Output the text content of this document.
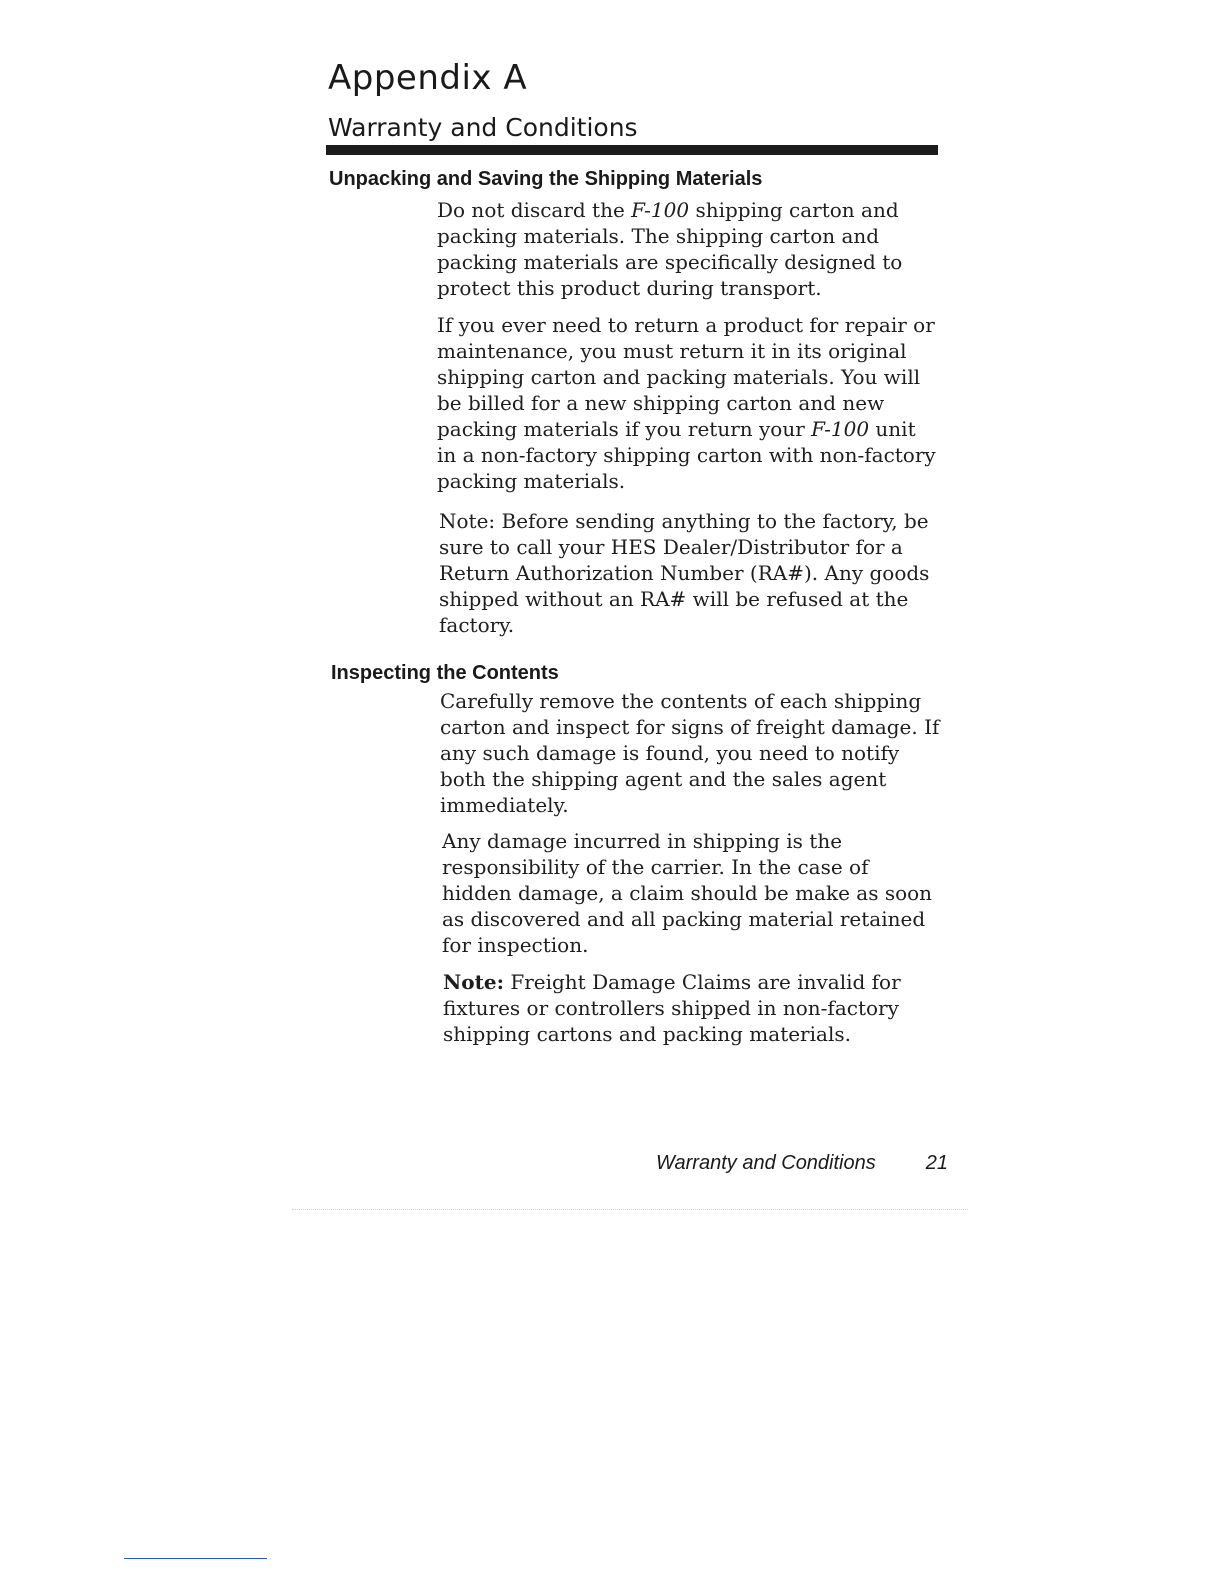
Appendix A
Warranty and Conditions
Unpacking and Saving the Shipping Materials

Do not discard the F-100 shipping carton and packing materials. The shipping carton and packing materials are specifically designed to protect this product during transport.

If you ever need to return a product for repair or maintenance, you must return it in its original shipping carton and packing materials. You will be billed for a new shipping carton and new packing materials if you return your F-100 unit in a non-factory shipping carton with non-factory packing materials.

Note: Before sending anything to the factory, be sure to call your HES Dealer/Distributor for a Return Authorization Number (RA#). Any goods shipped without an RA# will be refused at the factory.

Inspecting the Contents

Carefully remove the contents of each shipping carton and inspect for signs of freight damage. If any such damage is found, you need to notify both the shipping agent and the sales agent immediately.

Any damage incurred in shipping is the responsibility of the carrier. In the case of hidden damage, a claim should be make as soon as discovered and all packing material retained for inspection.

Note: Freight Damage Claims are invalid for fixtures or controllers shipped in non-factory shipping cartons and packing materials.

Warranty and Conditions	21
